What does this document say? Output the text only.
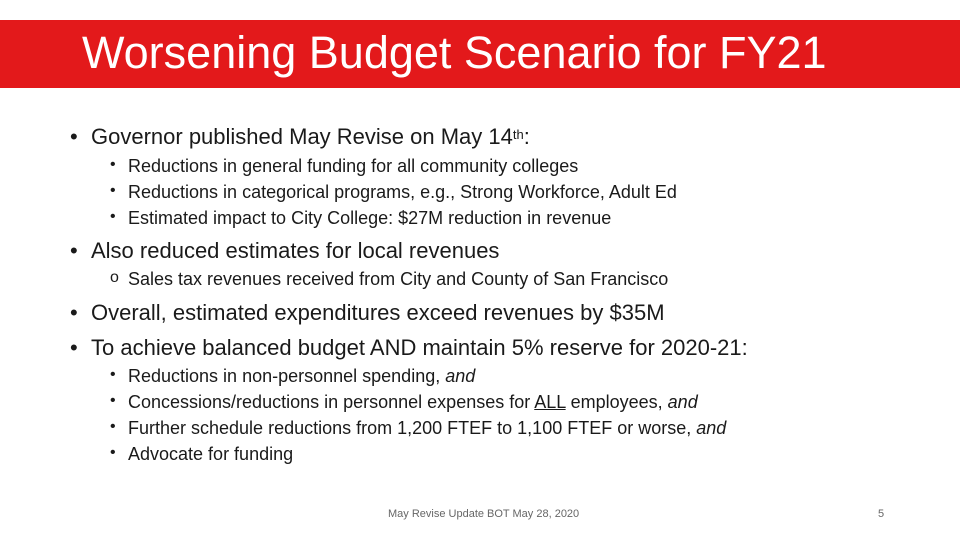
Worsening Budget Scenario for FY21
• Governor published May Revise on May 14th:
• Reductions in general funding for all community colleges
• Reductions in categorical programs, e.g., Strong Workforce, Adult Ed
• Estimated impact to City College: $27M reduction in revenue
• Also reduced estimates for local revenues
o Sales tax revenues received from City and County of San Francisco
• Overall, estimated expenditures exceed revenues by $35M
• To achieve balanced budget AND maintain 5% reserve for 2020-21:
• Reductions in non-personnel spending, and
• Concessions/reductions in personnel expenses for ALL employees, and
• Further schedule reductions from 1,200 FTEF to 1,100 FTEF or worse, and
• Advocate for funding
May Revise Update BOT May 28, 2020	5
